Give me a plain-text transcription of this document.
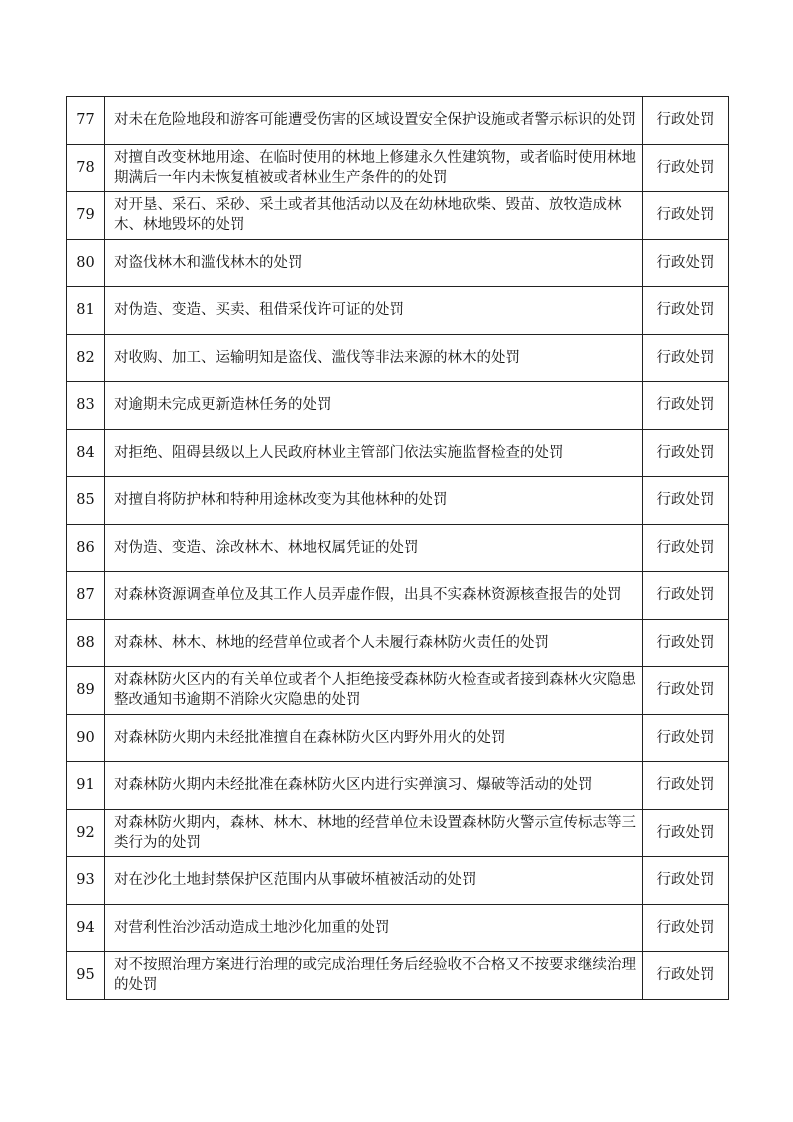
77	对未在危险地段和游客可能遭受伤害的区域设置安全保护设施或者警示标识的处罚	行政处罚
78	对擅自改变林地用途、在临时使用的林地上修建永久性建筑物，或者临时使用林地期满后一年内未恢复植被或者林业生产条件的的处罚	行政处罚
79	对开垦、采石、采砂、采土或者其他活动以及在幼林地砍柴、毁苗、放牧造成林木、林地毁坏的处罚	行政处罚
80	对盗伐林木和滥伐林木的处罚	行政处罚
81	对伪造、变造、买卖、租借采伐许可证的处罚	行政处罚
82	对收购、加工、运输明知是盗伐、滥伐等非法来源的林木的处罚	行政处罚
83	对逾期未完成更新造林任务的处罚	行政处罚
84	对拒绝、阻碍县级以上人民政府林业主管部门依法实施监督检查的处罚	行政处罚
85	对擅自将防护林和特种用途林改变为其他林种的处罚	行政处罚
86	对伪造、变造、涂改林木、林地权属凭证的处罚	行政处罚
87	对森林资源调查单位及其工作人员弄虚作假，出具不实森林资源核查报告的处罚	行政处罚
88	对森林、林木、林地的经营单位或者个人未履行森林防火责任的处罚	行政处罚
89	对森林防火区内的有关单位或者个人拒绝接受森林防火检查或者接到森林火灾隐患整改通知书逾期不消除火灾隐患的处罚	行政处罚
90	对森林防火期内未经批准擅自在森林防火区内野外用火的处罚	行政处罚
91	对森林防火期内未经批准在森林防火区内进行实弹演习、爆破等活动的处罚	行政处罚
92	对森林防火期内，森林、林木、林地的经营单位未设置森林防火警示宣传标志等三类行为的处罚	行政处罚
93	对在沙化土地封禁保护区范围内从事破坏植被活动的处罚	行政处罚
94	对营利性治沙活动造成土地沙化加重的处罚	行政处罚
95	对不按照治理方案进行治理的或完成治理任务后经验收不合格又不按要求继续治理的处罚	行政处罚
